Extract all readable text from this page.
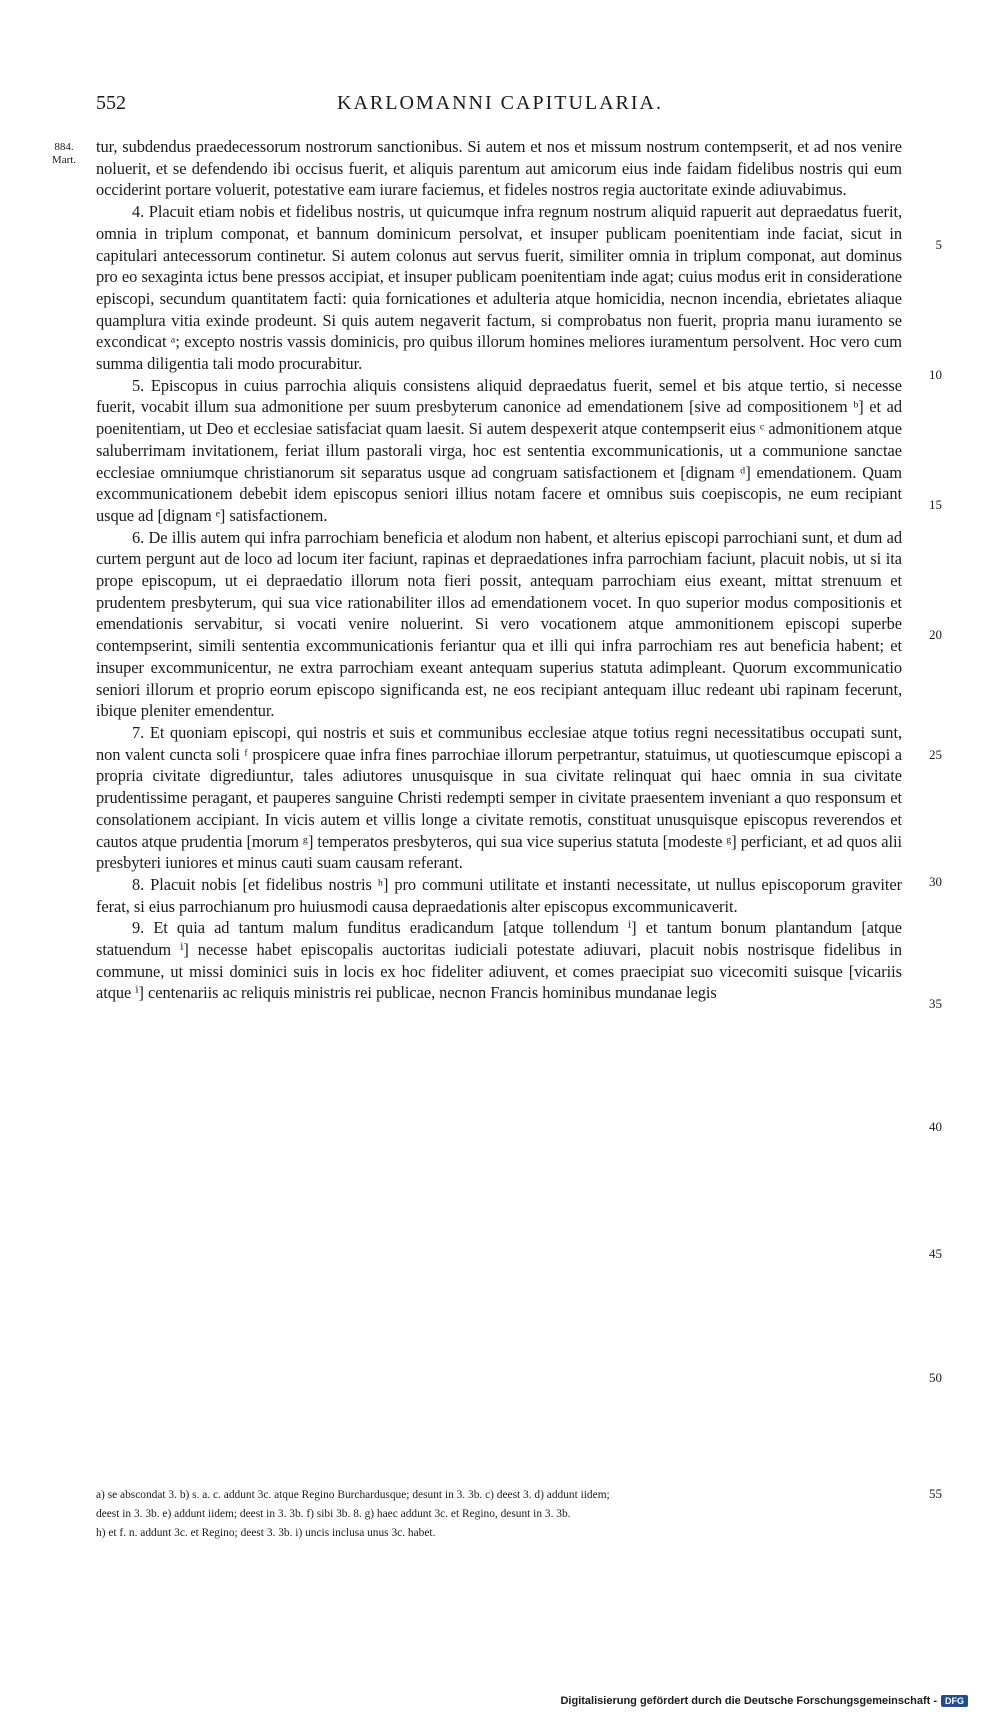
552	KARLOMANNI CAPITULARIA.
884.
Mart.

tur, subdendus praedecessorum nostrorum sanctionibus. Si autem et nos et missum nostrum contempserit, et ad nos venire noluerit, et se defendendo ibi occisus fuerit, et aliquis parentum aut amicorum eius inde faidam fidelibus nostris qui eum occiderint portare voluerit, potestative eam iurare faciemus, et fideles nostros regia auctoritate exinde adiuvabimus.

4. Placuit etiam nobis et fidelibus nostris, ut quicumque infra regnum nostrum aliquid rapuerit aut depraedatus fuerit, omnia in triplum componat, et bannum dominicum persolvat, et insuper publicam poenitentiam inde faciat, sicut in capitulari antecessorum continetur. Si autem colonus aut servus fuerit, similiter omnia in triplum componat, aut dominus pro eo sexaginta ictus bene pressos accipiat, et insuper publicam poenitentiam inde agat; cuius modus erit in consideratione episcopi, secundum quantitatem facti: quia fornicationes et adulteria atque homicidia, necnon incendia, ebrietates aliaque quamplura vitia exinde prodeunt. Si quis autem negaverit factum, si comprobatus non fuerit, propria manu iuramento se excondicat ᵃ; excepto nostris vassis dominicis, pro quibus illorum homines meliores iuramentum persolvent. Hoc vero cum summa diligentia tali modo procurabitur.

5. Episcopus in cuius parrochia aliquis consistens aliquid depraedatus fuerit, semel et bis atque tertio, si necesse fuerit, vocabit illum sua admonitione per suum presbyterum canonice ad emendationem [sive ad compositionem ᵇ] et ad poenitentiam, ut Deo et ecclesiae satisfaciat quam laesit. Si autem despexerit atque contempserit eius ᶜ admonitionem atque saluberrimam invitationem, feriat illum pastorali virga, hoc est sententia excommunicationis, ut a communione sanctae ecclesiae omniumque christianorum sit separatus usque ad congruam satisfactionem et [dignam ᵈ] emendationem. Quam excommunicationem debebit idem episcopus seniori illius notam facere et omnibus suis coepiscopis, ne eum recipiant usque ad [dignam ᵉ] satisfactionem.

6. De illis autem qui infra parrochiam beneficia et alodum non habent, et alterius episcopi parrochiani sunt, et dum ad curtem pergunt aut de loco ad locum iter faciunt, rapinas et depraedationes infra parrochiam faciunt, placuit nobis, ut si ita prope episcopum, ut ei depraedatio illorum nota fieri possit, antequam parrochiam eius exeant, mittat strenuum et prudentem presbyterum, qui sua vice rationabiliter illos ad emendationem vocet. In quo superior modus compositionis et emendationis servabitur, si vocati venire noluerint. Si vero vocationem atque ammonitionem episcopi superbe contempserint, simili sententia excommunicationis feriantur qua et illi qui infra parrochiam res aut beneficia habent; et insuper excommunicentur, ne extra parrochiam exeant antequam superius statuta adimpleant. Quorum excommunicatio seniori illorum et proprio eorum episcopo significanda est, ne eos recipiant antequam illuc redeant ubi rapinam fecerunt, ibique pleniter emendentur.

7. Et quoniam episcopi, qui nostris et suis et communibus ecclesiae atque totius regni necessitatibus occupati sunt, non valent cuncta soli ᶠ prospicere quae infra fines parrochiae illorum perpetrantur, statuimus, ut quotiescumque episcopi a propria civitate digrediuntur, tales adiutores unusquisque in sua civitate relinquat qui haec omnia in sua civitate prudentissime peragant, et pauperes sanguine Christi redempti semper in civitate praesentem inveniant a quo responsum et consolationem accipiant. In vicis autem et villis longe a civitate remotis, constituat unusquisque episcopus reverendos et cautos atque prudentia [morum ᵍ] temperatos presbyteros, qui sua vice superius statuta [modeste ᵍ] perficiant, et ad quos alii presbyteri iuniores et minus cauti suam causam referant.

8. Placuit nobis [et fidelibus nostris ʰ] pro communi utilitate et instanti necessitate, ut nullus episcoporum graviter ferat, si eius parrochianum pro huiusmodi causa depraedationis alter episcopus excommunicaverit.

9. Et quia ad tantum malum funditus eradicandum [atque tollendum ⁱ] et tantum bonum plantandum [atque statuendum ⁱ] necesse habet episcopalis auctoritas iudiciali potestate adiuvari, placuit nobis nostrisque fidelibus in commune, ut missi dominici suis in locis ex hoc fideliter adiuvent, et comes praecipiat suo vicecomiti suisque [vicariis atque ⁱ] centenariis ac reliquis ministris rei publicae, necnon Francis hominibus mundanae legis

5
10
15
20
25
30
35
40
45
50
a) se abscondat 3. b) s. a. c. addunt 3c. atque Regino Burchardusque; desunt in 3. 3b. c) deest 3. d) addunt iidem;
deest in 3. 3b. e) addunt iidem; deest in 3. 3b. f) sibi 3b. 8. g) haec addunt 3c. et Regino, desunt in 3. 3b.
h) et f. n. addunt 3c. et Regino; deest 3. 3b. i) uncis inclusa unus 3c. habet.
55
Digitalisierung gefördert durch die Deutsche Forschungsgemeinschaft - DFG
